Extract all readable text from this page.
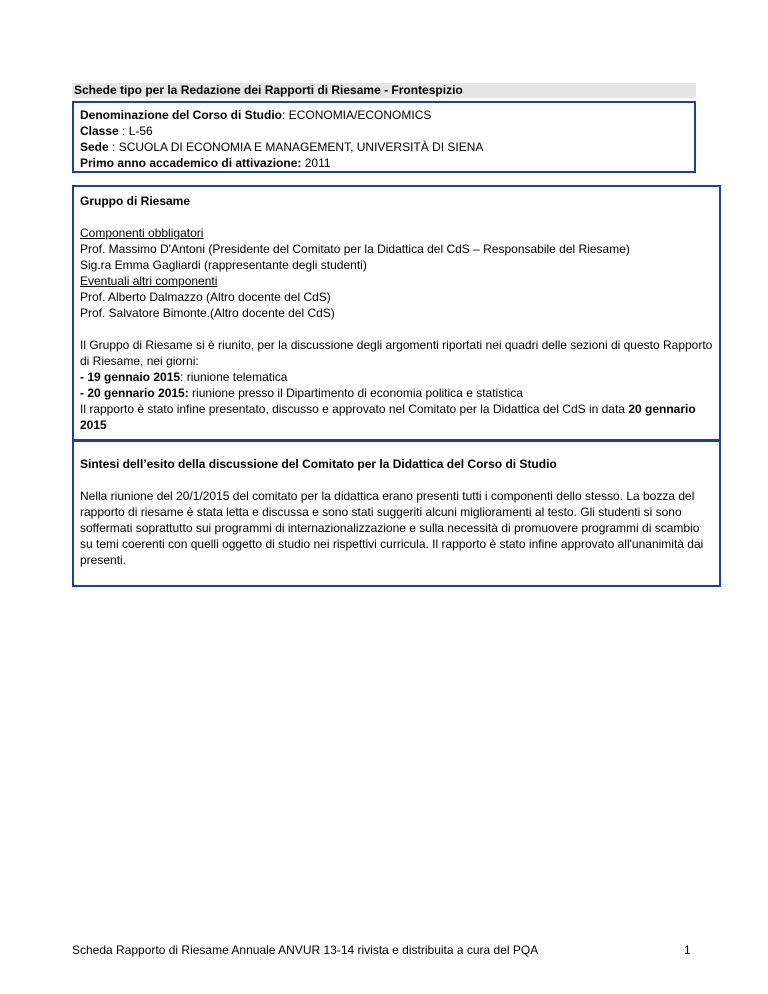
Schede tipo per la Redazione dei Rapporti di Riesame - Frontespizio
Denominazione del Corso di Studio: ECONOMIA/ECONOMICS
Classe : L-56
Sede : SCUOLA DI ECONOMIA E MANAGEMENT, UNIVERSITÀ DI SIENA
Primo anno accademico di attivazione: 2011
Gruppo di Riesame
Componenti obbligatori
Prof. Massimo D'Antoni (Presidente del Comitato per la Didattica del CdS – Responsabile del Riesame)
Sig.ra Emma Gagliardi (rappresentante degli studenti)
Eventuali altri componenti
Prof. Alberto Dalmazzo (Altro docente del CdS)
Prof. Salvatore Bimonte.(Altro docente del CdS)
Il Gruppo di Riesame si è riunito, per la discussione degli argomenti riportati nei quadri delle sezioni di questo Rapporto di Riesame, nei giorni:
- 19 gennaio 2015: riunione telematica
- 20 gennario 2015: riunione presso il Dipartimento di economia politica e statistica
Il rapporto è stato infine presentato, discusso e approvato nel Comitato per la Didattica del CdS in data 20 gennario 2015
Sintesi dell’esito della discussione del Comitato per la Didattica del Corso di Studio
Nella riunione del 20/1/2015 del comitato per la didattica erano presenti tutti i componenti dello stesso. La bozza del rapporto di riesame è stata letta e discussa e sono stati suggeriti alcuni miglioramenti al testo. Gli studenti si sono soffermati soprattutto sui programmi di internazionalizzazione e sulla necessità di promuovere programmi di scambio su temi coerenti con quelli oggetto di studio nei rispettivi curricula. Il rapporto è stato infine approvato all'unanimità dai presenti.
Scheda Rapporto di Riesame Annuale ANVUR 13-14 rivista e distribuita a cura del PQA	1
